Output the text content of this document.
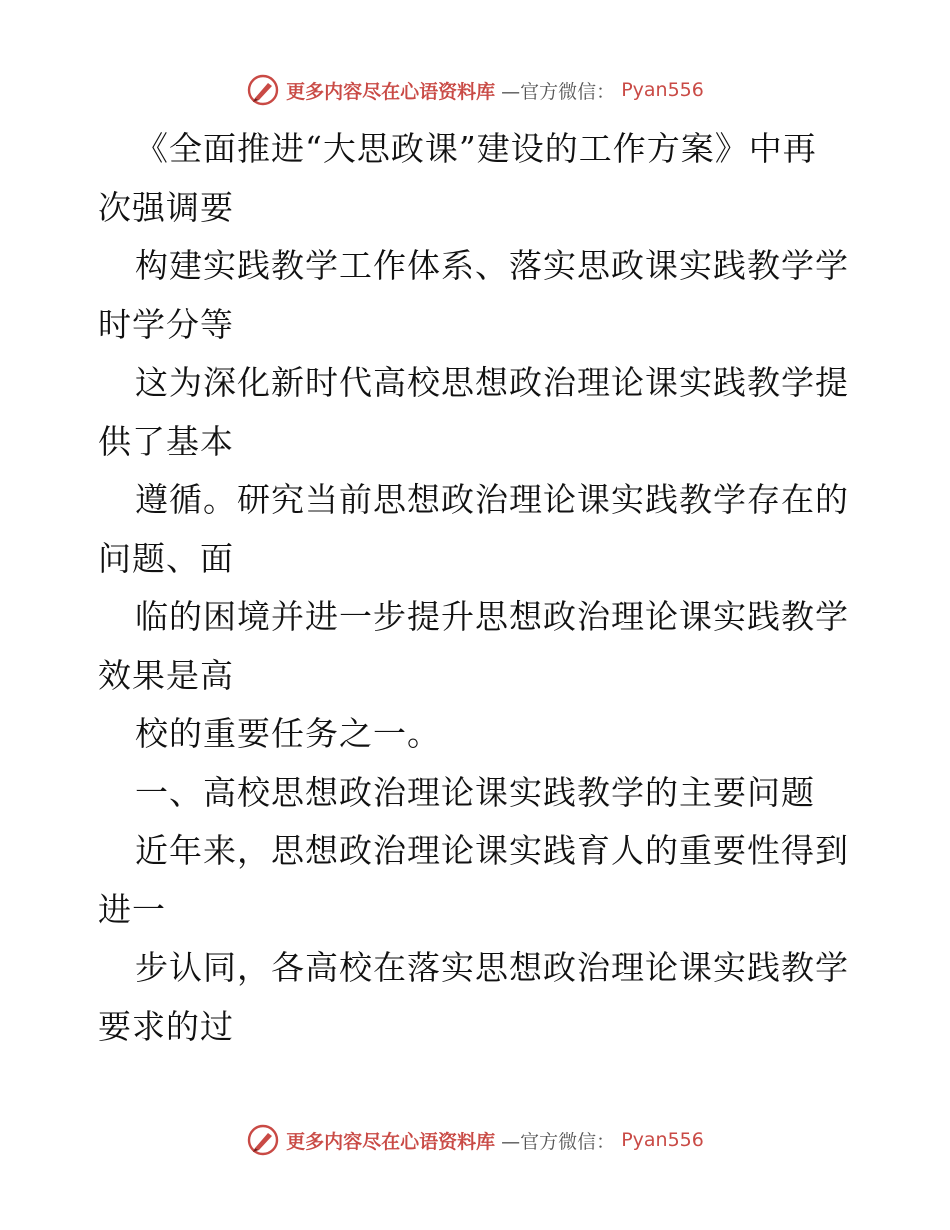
更多内容尽在心语资料库 —官方微信： Pyan556
《全面推进“大思政课”建设的工作方案》中再
次强调要
构建实践教学工作体系、落实思政课实践教学学
时学分等
这为深化新时代高校思想政治理论课实践教学提
供了基本
遵循。研究当前思想政治理论课实践教学存在的
问题、面
临的困境并进一步提升思想政治理论课实践教学
效果是高
校的重要任务之一。
一、高校思想政治理论课实践教学的主要问题
近年来，思想政治理论课实践育人的重要性得到
进一
步认同，各高校在落实思想政治理论课实践教学
要求的过
更多内容尽在心语资料库 —官方微信： Pyan556
